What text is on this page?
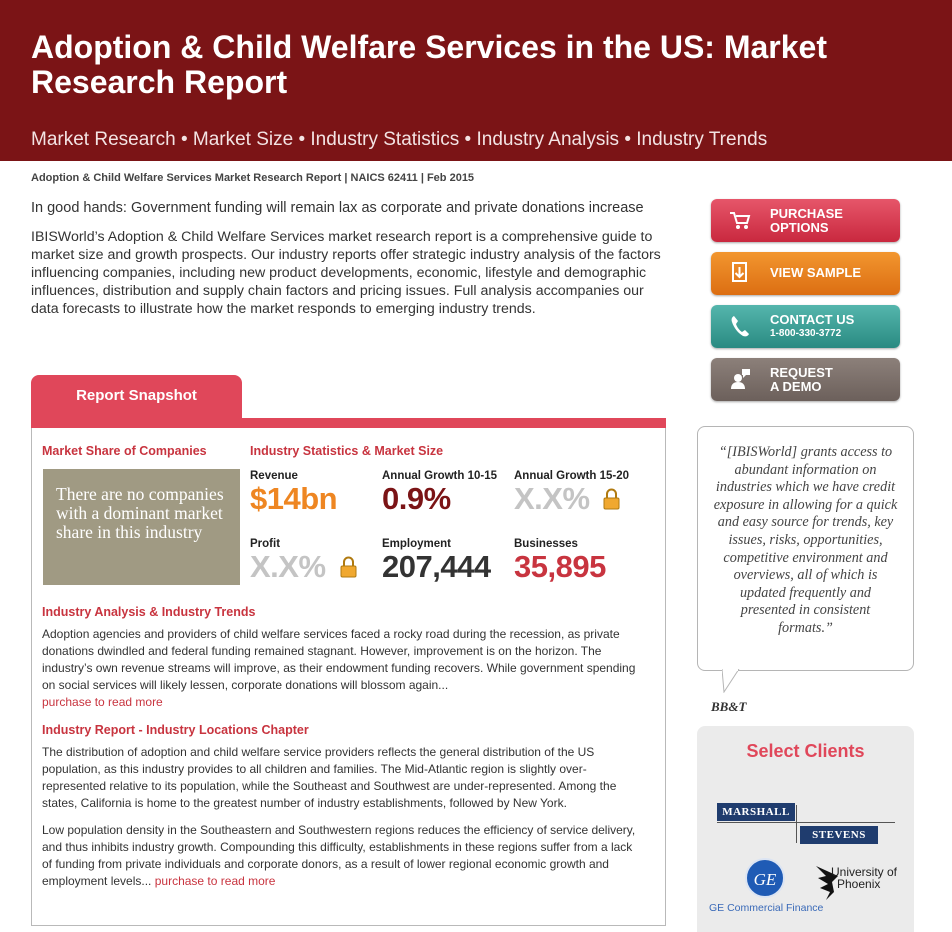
Adoption & Child Welfare Services in the US: Market Research Report
Market Research • Market Size • Industry Statistics • Industry Analysis • Industry Trends
Adoption & Child Welfare Services Market Research Report | NAICS 62411 | Feb 2015
In good hands: Government funding will remain lax as corporate and private donations increase
IBISWorld’s Adoption & Child Welfare Services market research report is a comprehensive guide to market size and growth prospects. Our industry reports offer strategic industry analysis of the factors influencing companies, including new product developments, economic, lifestyle and demographic influences, distribution and supply chain factors and pricing issues. Full analysis accompanies our data forecasts to illustrate how the market responds to emerging industry trends.
PURCHASE
OPTIONS
VIEW SAMPLE
CONTACT US
1-800-330-3772
REQUEST
A DEMO
Report Snapshot
Market Share of Companies
There are no companies with a dominant market share in this industry
Industry Statistics & Market Size
Revenue
$14bn
Annual Growth 10-15
0.9%
Annual Growth 15-20
X.X%
Profit
X.X%
Employment
207,444
Businesses
35,895
Industry Analysis & Industry Trends
Adoption agencies and providers of child welfare services faced a rocky road during the recession, as private donations dwindled and federal funding remained stagnant. However, improvement is on the horizon. The industry’s own revenue streams will improve, as their endowment funding recovers. While government spending on social services will likely lessen, corporate donations will blossom again...
purchase to read more
Industry Report - Industry Locations Chapter
The distribution of adoption and child welfare service providers reflects the general distribution of the US population, as this industry provides to all children and families. The Mid-Atlantic region is slightly over-represented relative to its population, while the Southeast and Southwest are under-represented. Among the states, California is home to the greatest number of industry establishments, followed by New York.
Low population density in the Southeastern and Southwestern regions reduces the efficiency of service delivery, and thus inhibits industry growth. Compounding this difficulty, establishments in these regions suffer from a lack of funding from private individuals and corporate donors, as a result of lower regional economic growth and employment levels... purchase to read more
“[IBISWorld] grants access to abundant information on industries which we have credit exposure in allowing for a quick and easy source for trends, key issues, risks, opportunities, competitive environment and overviews, all of which is updated frequently and presented in consistent formats.”
BB&T
Select Clients
MARSHALL
STEVENS
GE
GE Commercial Finance
University of
Phoenix
